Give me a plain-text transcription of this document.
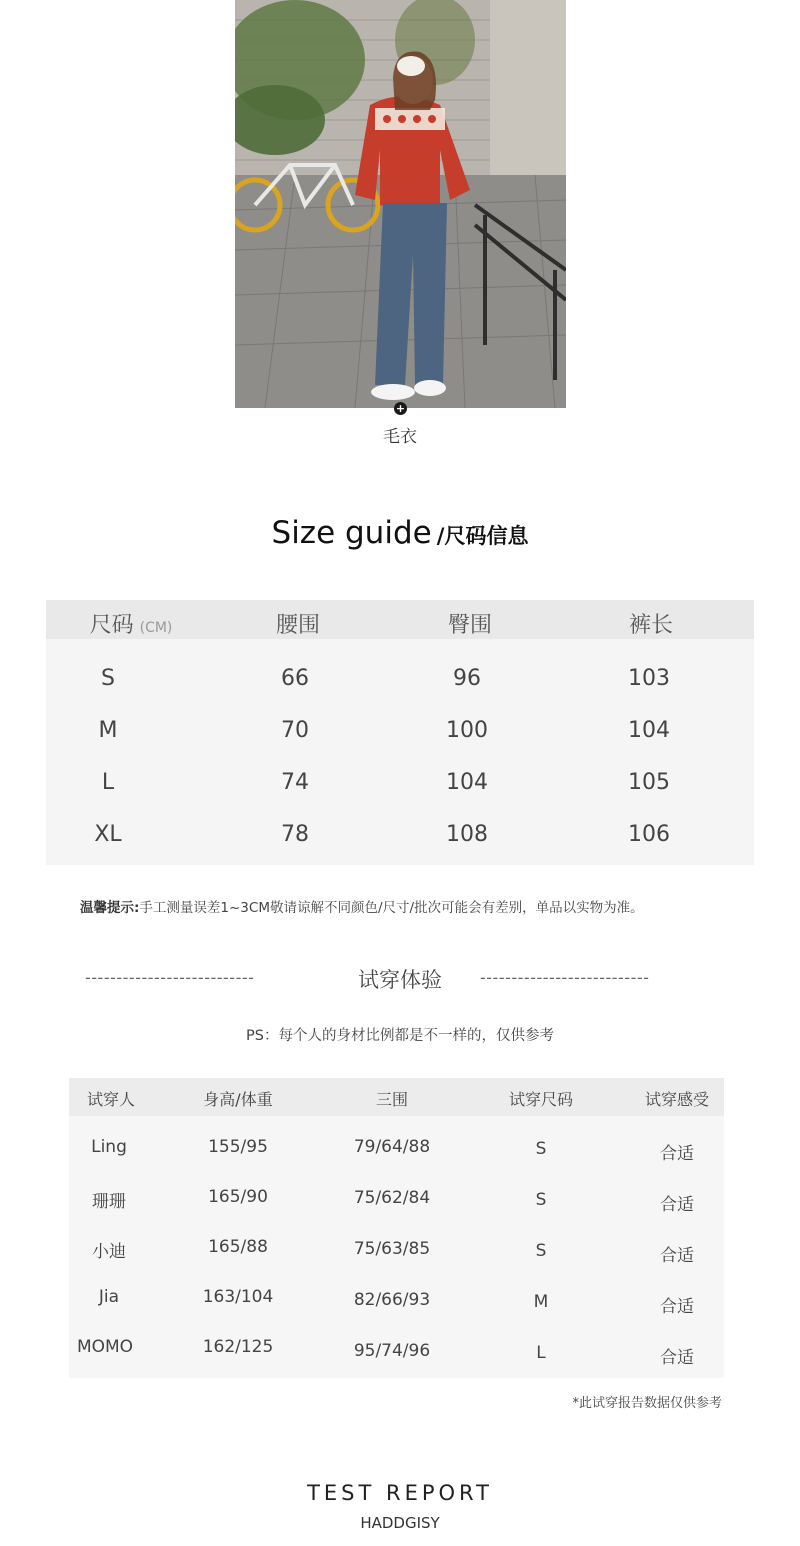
+
毛衣
Size guide /尺码信息
尺码 (CM)	腰围	臀围	裤长
S	66	96	103
M	70	100	104
L	74	104	105
XL	78	108	106
温馨提示:手工测量误差1~3CM敬请谅解不同颜色/尺寸/批次可能会有差别，单品以实物为准。
---------------------------	试穿体验	---------------------------
PS：每个人的身材比例都是不一样的，仅供参考
试穿人	身高/体重	三围	试穿尺码	试穿感受
Ling	155/95	79/64/88	S	合适
珊珊	165/90	75/62/84	S	合适
小迪	165/88	75/63/85	S	合适
Jia	163/104	82/66/93	M	合适
MOMO	162/125	95/74/96	L	合适
*此试穿报告数据仅供参考
TEST REPORT
HADDGISY
